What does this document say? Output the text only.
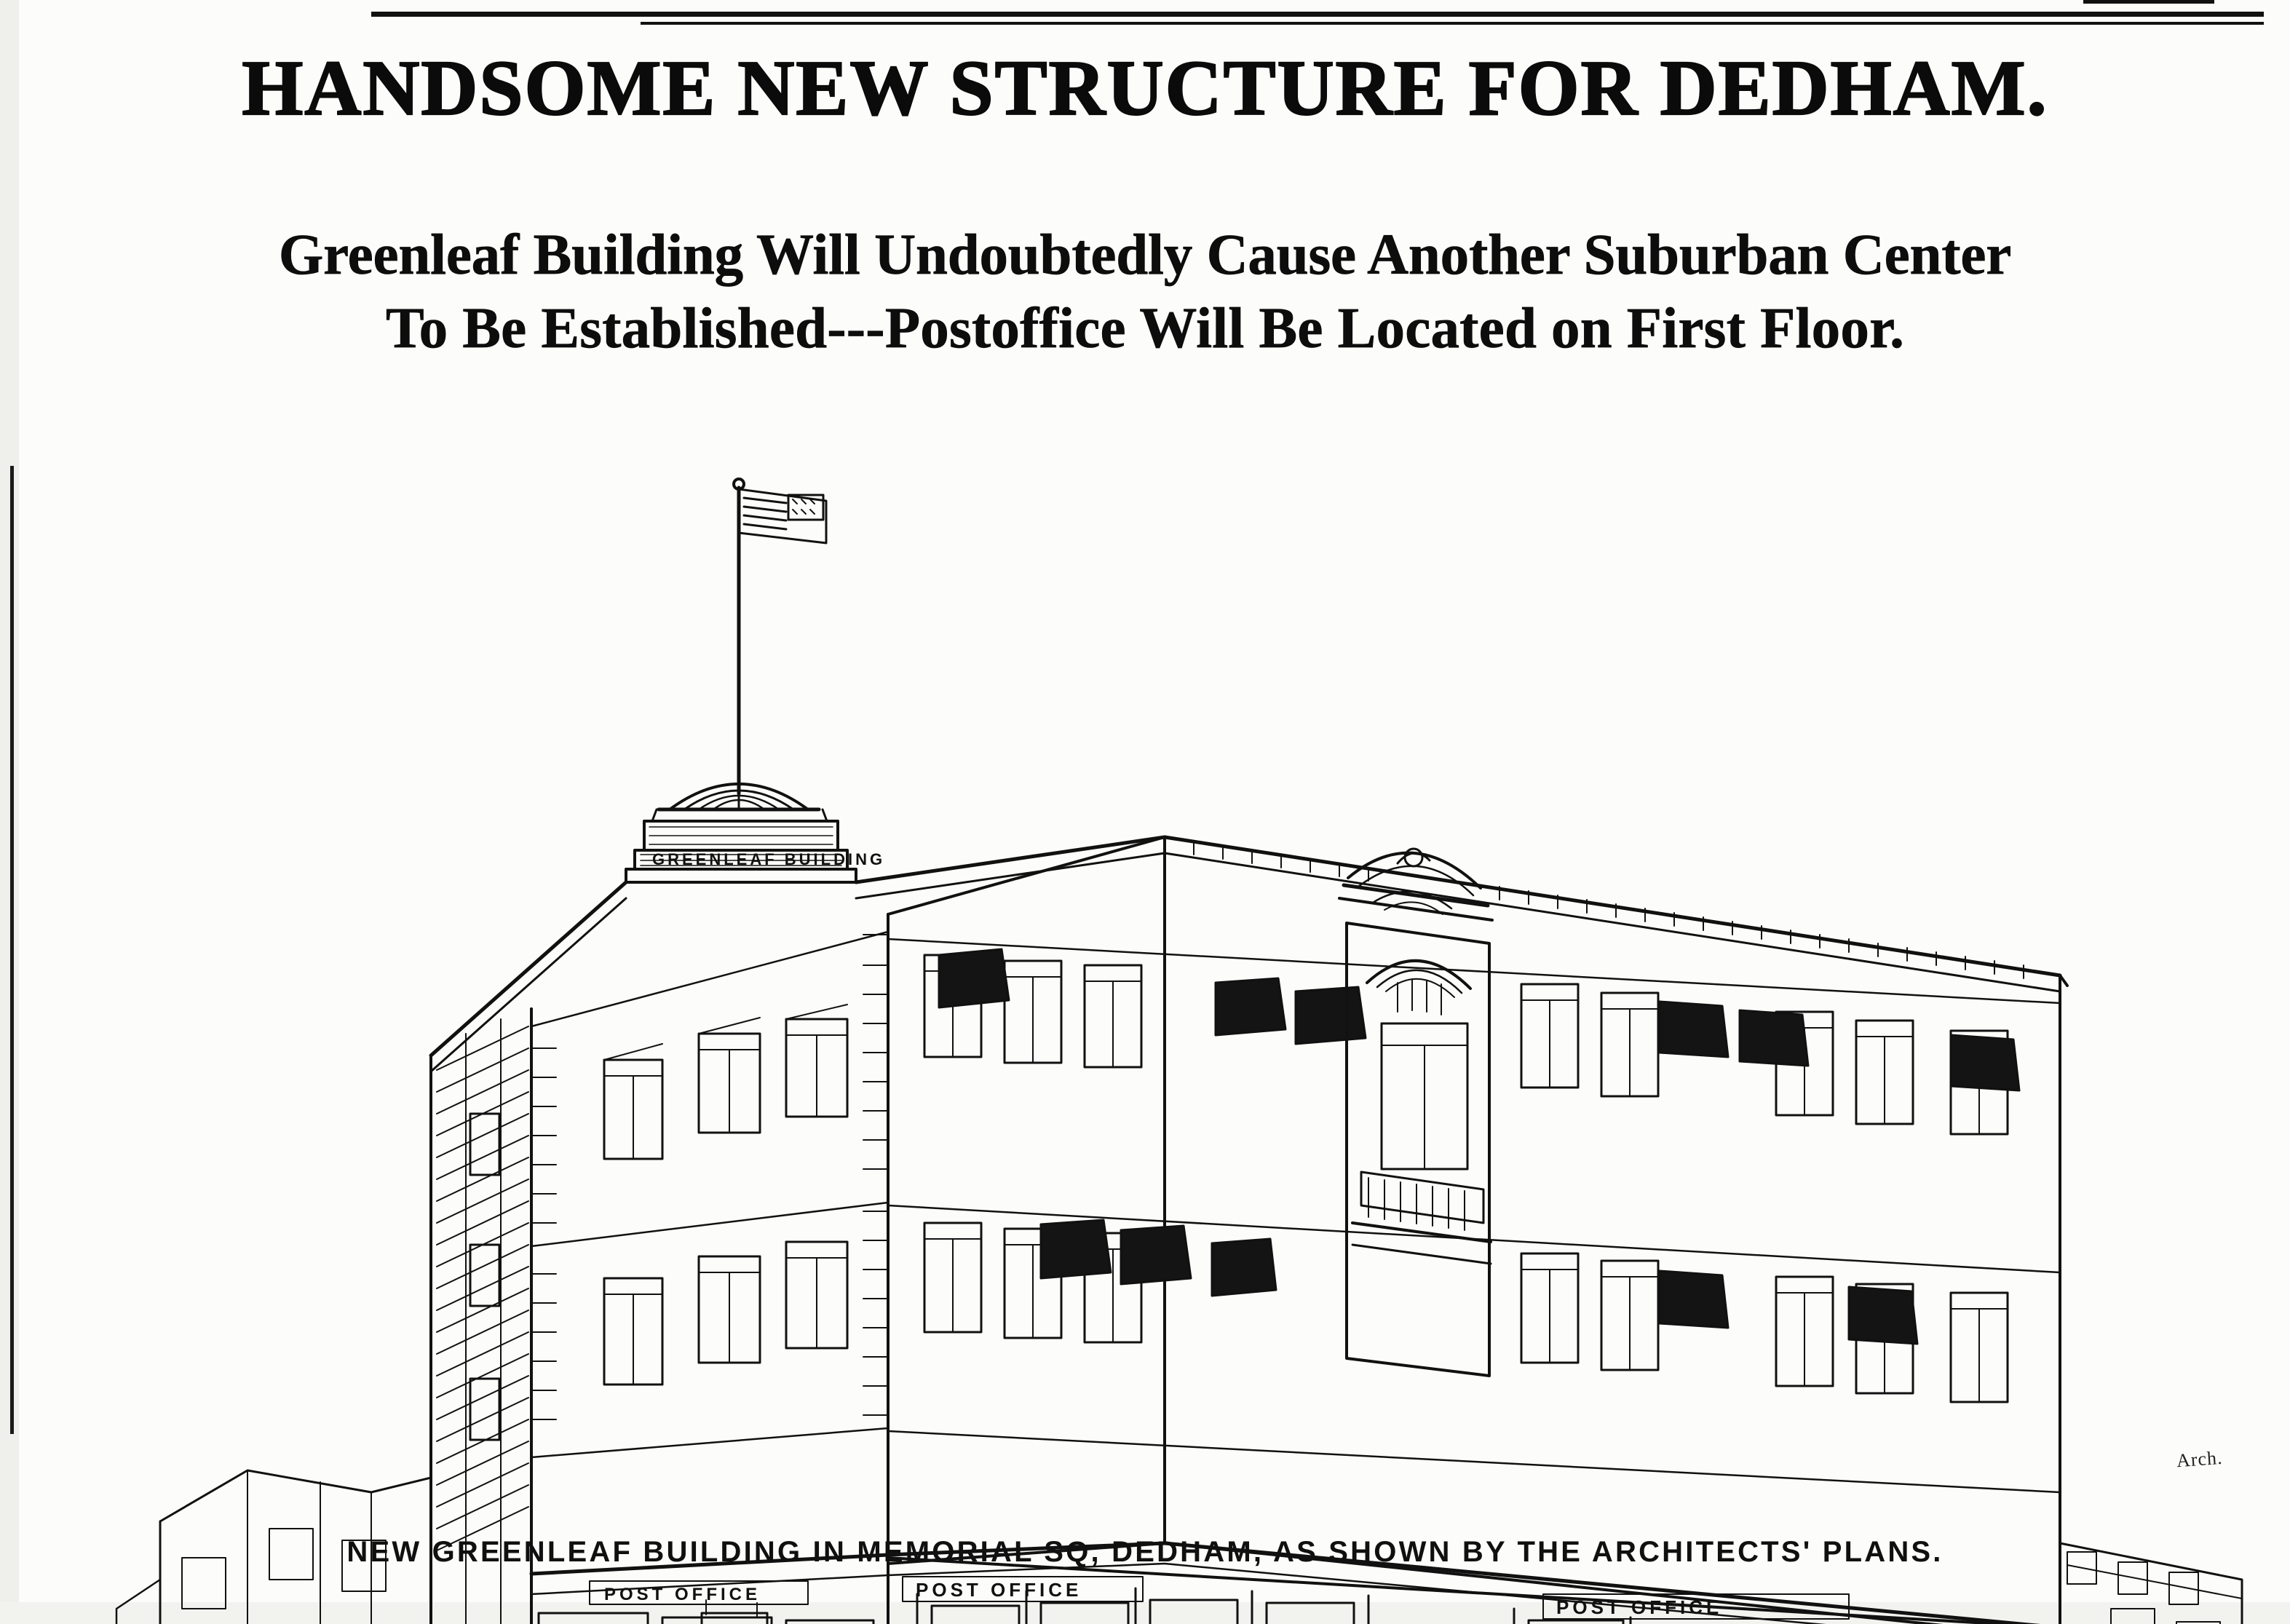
HANDSOME NEW STRUCTURE FOR DEDHAM.
Greenleaf Building Will Undoubtedly Cause Another Suburban Center
To Be Established---Postoffice Will Be Located on First Floor.
POST OFFICE
POST OFFICE
POST OFFICE
GREENLEAF BUILDING
Arch.
NEW GREENLEAF BUILDING IN MEMORIAL SQ, DEDHAM, AS SHOWN BY THE ARCHITECTS' PLANS.
